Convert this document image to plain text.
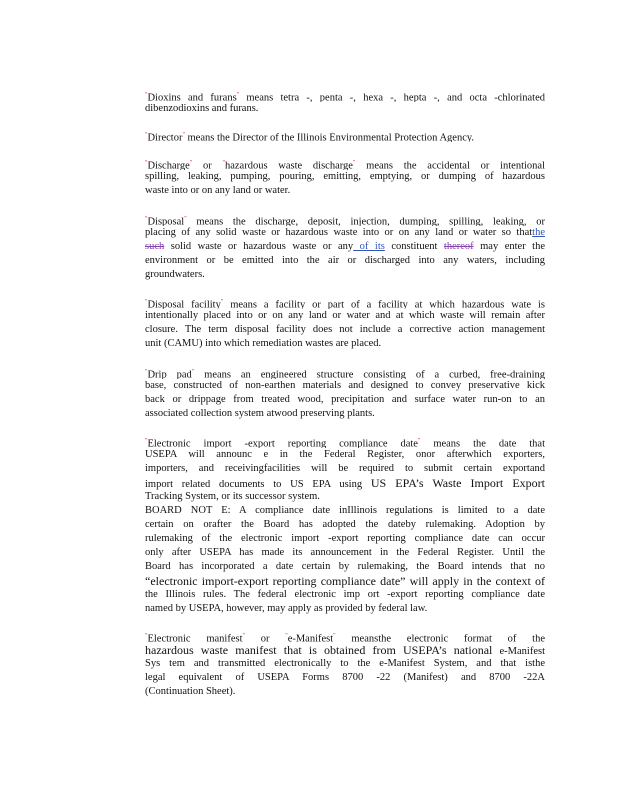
"Dioxins and furans" means tetra -, penta -, hexa -, hepta -, and octa -chlorinated
dibenzodioxins and furans.
"Director" means the Director of the Illinois Environmental Protection Agency.
"Discharge" or "hazardous waste discharge" means the accidental or intentional
spilling, leaking, pumping, pouring, emitting, emptying, or dumping of hazardous
waste into or on any land or water.
"Disposal" means the discharge, deposit, injection, dumping, spilling, leaking, or
placing of any solid waste or hazardous waste into or on any land or water so thatthe
such solid waste or hazardous waste or any of its constituent thereof may enter the
environment or be emitted into the air or discharged into any waters, including
groundwaters.
"Disposal facility" means a facility or part of a facility at which hazardous wate is
intentionally placed into or on any land or water and at which waste will remain after
closure. The term disposal facility does not include a corrective action management
unit (CAMU) into which remediation wastes are placed.
"Drip pad" means an engineered structure consisting of a curbed, free-draining
base, constructed of non-earthen materials and designed to convey preservative kick
back or drippage from treated wood, precipitation and surface water run-on to an
associated collection system atwood preserving plants.
"Electronic import -export reporting compliance date" means the date that
USEPA will announc e in the Federal Register, onor afterwhich exporters,
importers, and receivingfacilities will be required to submit certain exportand
import related documents to US EPA using US EPA’s Waste Import Export
Tracking System, or its successor system.
BOARD NOT E: A compliance date inIllinois regulations is limited to a date
certain on orafter the Board has adopted the dateby rulemaking. Adoption by
rulemaking of the electronic import -export reporting compliance date can occur
only after USEPA has made its announcement in the Federal Register. Until the
Board has incorporated a date certain by rulemaking, the Board intends that no
“electronic import-export reporting compliance date” will apply in the context of
the Illinois rules. The federal electronic imp ort -export reporting compliance date
named by USEPA, however, may apply as provided by federal law.
"Electronic manifest" or "e-Manifest" meansthe electronic format of the
hazardous waste manifest that is obtained from USEPA’s national e-Manifest
Sys tem and transmitted electronically to the e-Manifest System, and that isthe
legal equivalent of USEPA Forms 8700 -22 (Manifest) and 8700 -22A
(Continuation Sheet).
